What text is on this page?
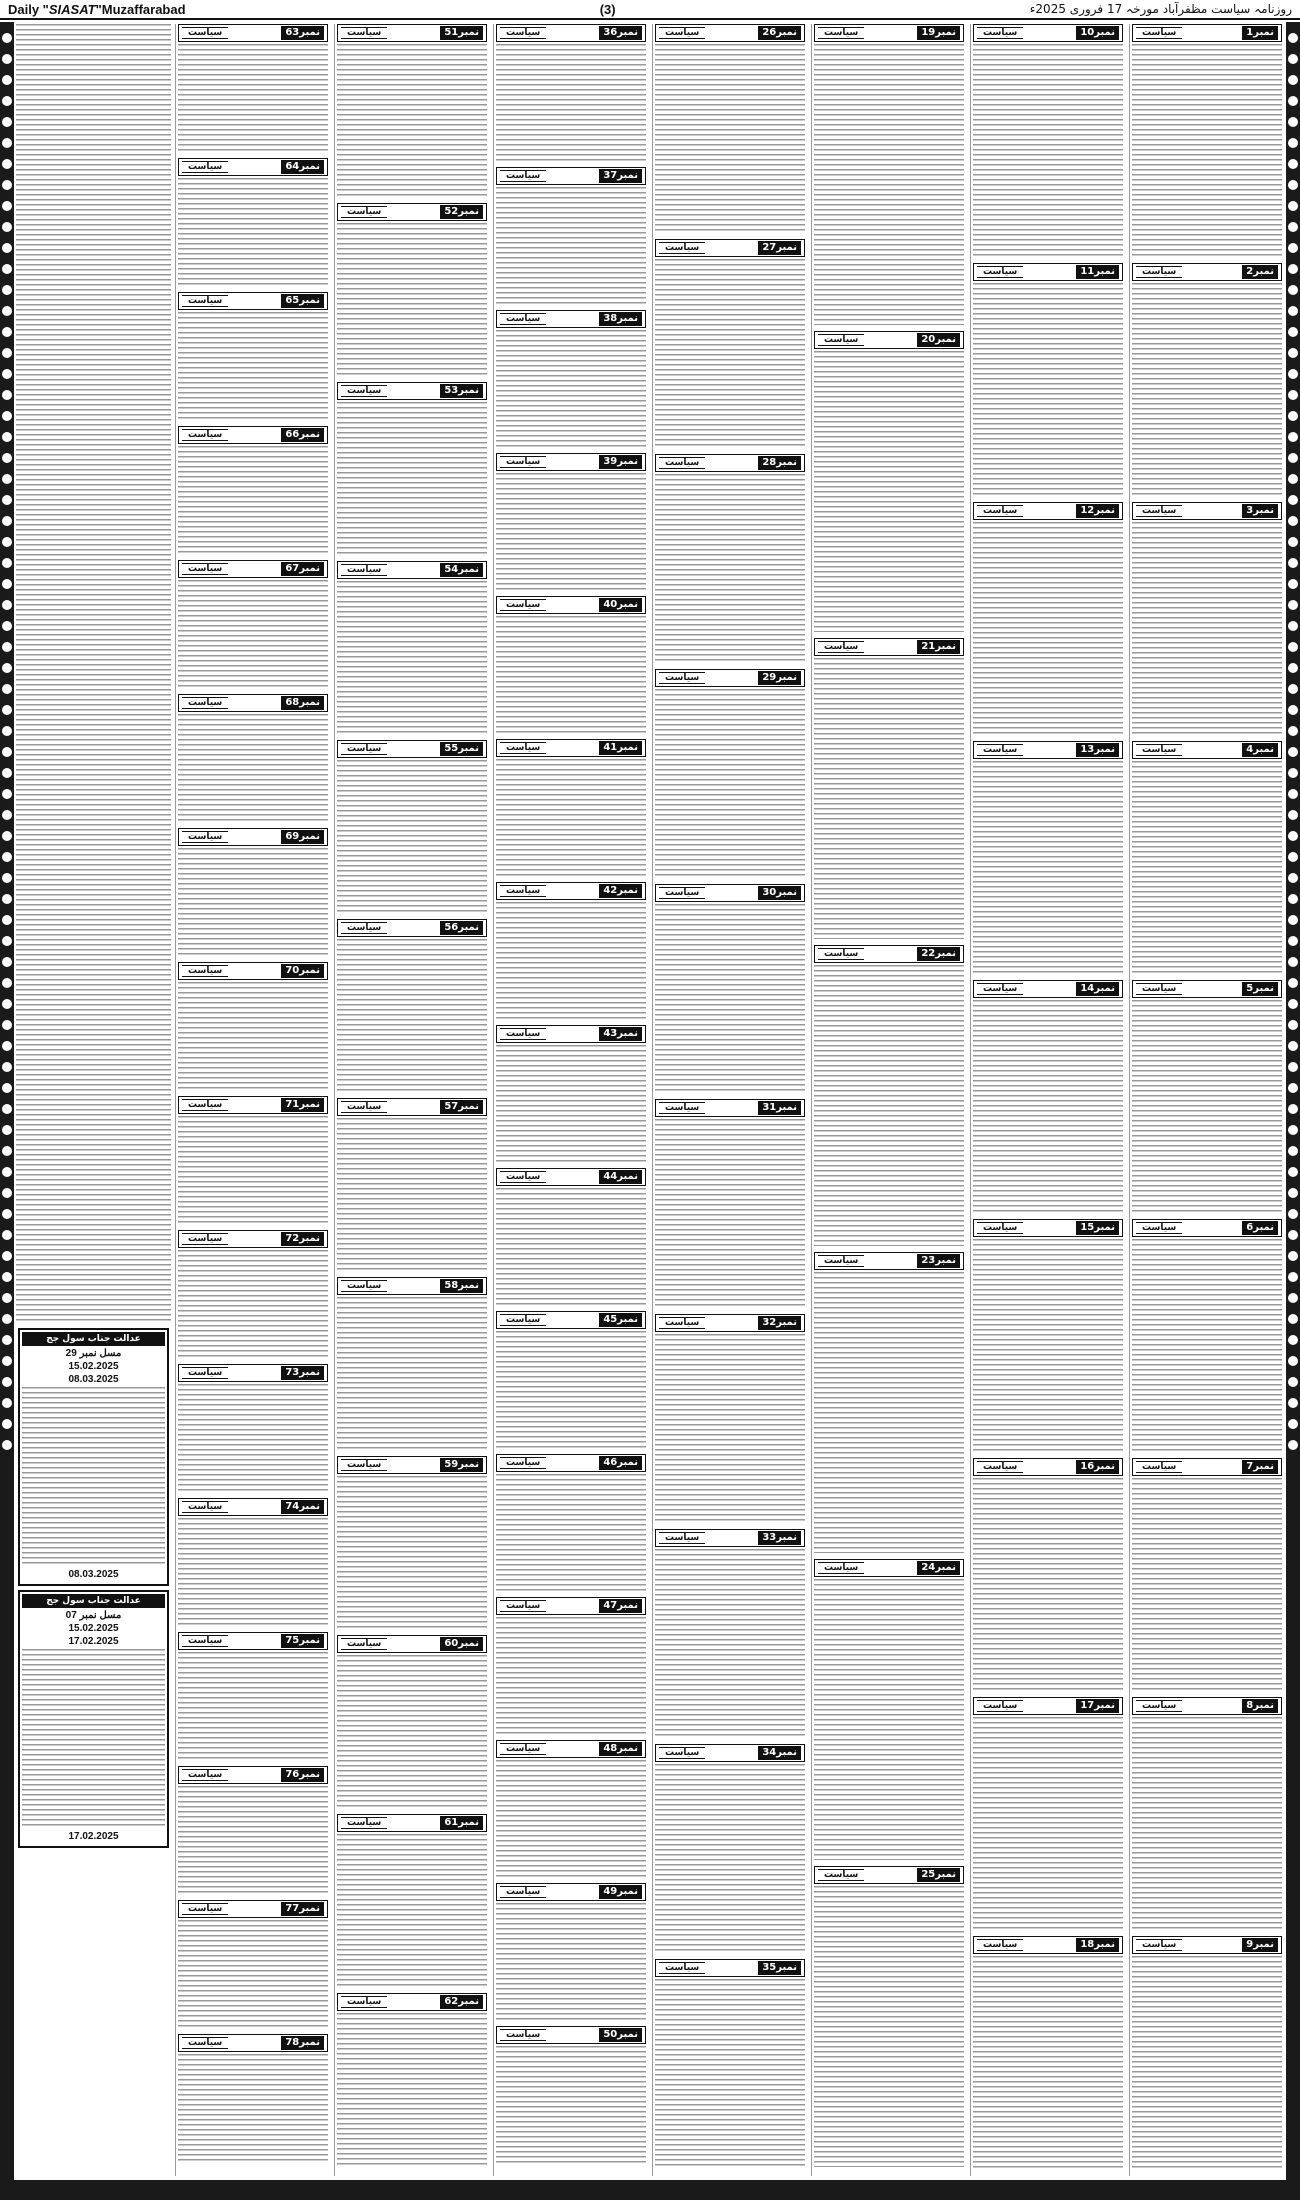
Daily "SIASAT"Muzaffarabad	(3)	روزنامہ سیاست مظفرآباد مورخہ 17 فروری 2025ء
نمبر1
سیاست
نمبر2
سیاست
نمبر3
سیاست
نمبر4
سیاست
نمبر5
سیاست
نمبر6
سیاست
نمبر7
سیاست
نمبر8
سیاست
نمبر9
سیاست
نمبر10
سیاست
نمبر11
سیاست
نمبر12
سیاست
نمبر13
سیاست
نمبر14
سیاست
نمبر15
سیاست
نمبر16
سیاست
نمبر17
سیاست
نمبر18
سیاست
نمبر19
سیاست
نمبر20
سیاست
نمبر21
سیاست
نمبر22
سیاست
نمبر23
سیاست
نمبر24
سیاست
نمبر25
سیاست
نمبر26
سیاست
نمبر27
سیاست
نمبر28
سیاست
نمبر29
سیاست
نمبر30
سیاست
نمبر31
سیاست
نمبر32
سیاست
نمبر33
سیاست
نمبر34
سیاست
نمبر35
سیاست
نمبر36
سیاست
نمبر37
سیاست
نمبر38
سیاست
نمبر39
سیاست
نمبر40
سیاست
نمبر41
سیاست
نمبر42
سیاست
نمبر43
سیاست
نمبر44
سیاست
نمبر45
سیاست
نمبر46
سیاست
نمبر47
سیاست
نمبر48
سیاست
نمبر49
سیاست
نمبر50
سیاست
نمبر51
سیاست
نمبر52
سیاست
نمبر53
سیاست
نمبر54
سیاست
نمبر55
سیاست
نمبر56
سیاست
نمبر57
سیاست
نمبر58
سیاست
نمبر59
سیاست
نمبر60
سیاست
نمبر61
سیاست
نمبر62
سیاست
نمبر63
سیاست
نمبر64
سیاست
نمبر65
سیاست
نمبر66
سیاست
نمبر67
سیاست
نمبر68
سیاست
نمبر69
سیاست
نمبر70
سیاست
نمبر71
سیاست
نمبر72
سیاست
نمبر73
سیاست
نمبر74
سیاست
نمبر75
سیاست
نمبر76
سیاست
نمبر77
سیاست
نمبر78
سیاست
عدالت جناب سول جج
مسل نمبر 29
15.02.2025
08.03.2025
08.03.2025
عدالت جناب سول جج
مسل نمبر 07
15.02.2025
17.02.2025
17.02.2025
